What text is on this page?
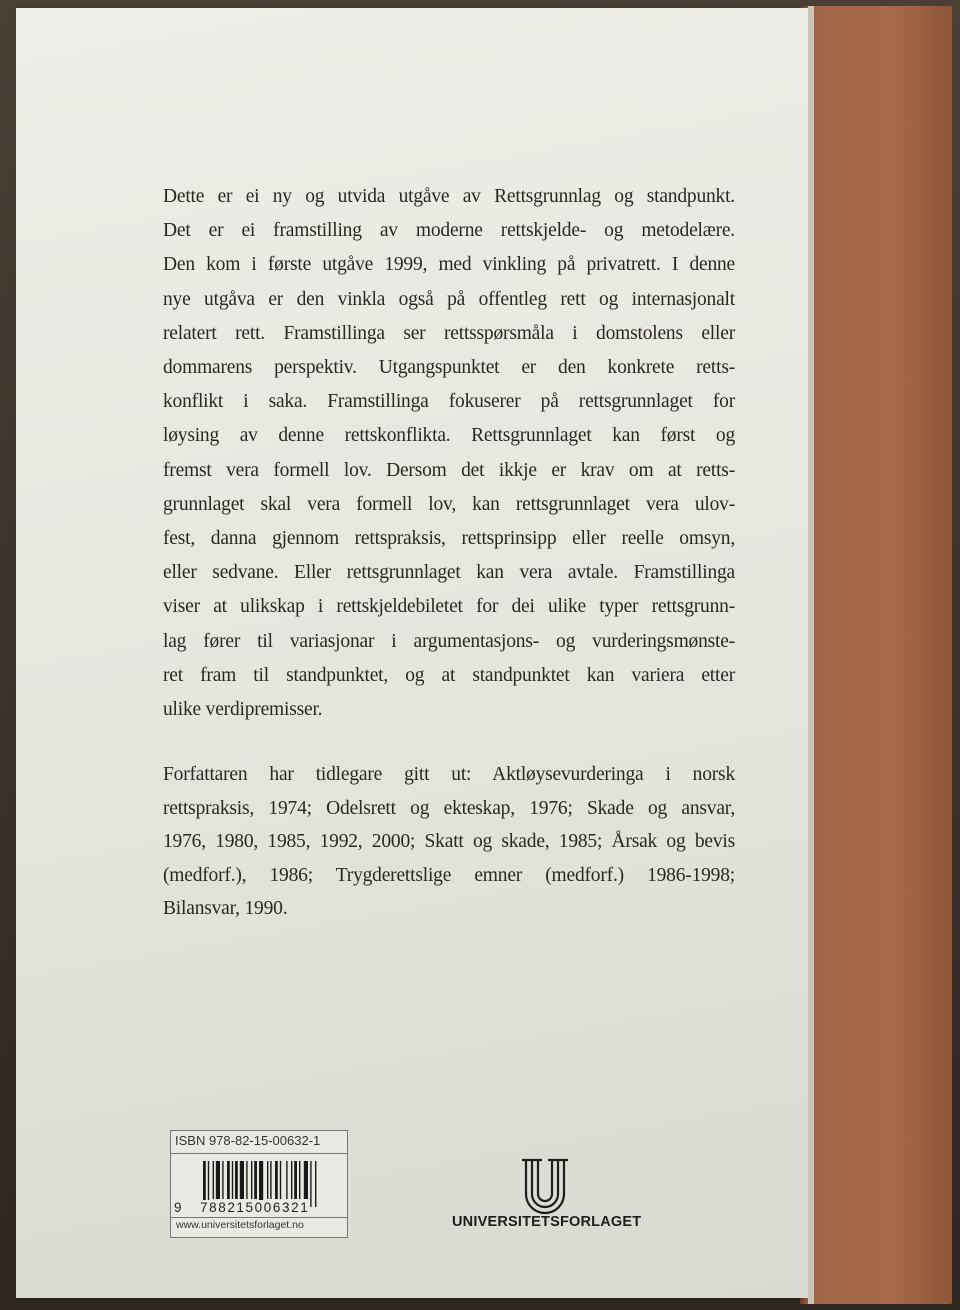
Dette er ei ny og utvida utgåve av Rettsgrunnlag og standpunkt.
Det er ei framstilling av moderne rettskjelde- og metodelære.
Den kom i første utgåve 1999, med vinkling på privatrett. I denne
nye utgåva er den vinkla også på offentleg rett og internasjonalt
relatert rett. Framstillinga ser rettsspørsmåla i domstolens eller
dommarens perspektiv. Utgangspunktet er den konkrete retts-
konflikt i saka. Framstillinga fokuserer på rettsgrunnlaget for
løysing av denne rettskonflikta. Rettsgrunnlaget kan først og
fremst vera formell lov. Dersom det ikkje er krav om at retts-
grunnlaget skal vera formell lov, kan rettsgrunnlaget vera ulov-
fest, danna gjennom rettspraksis, rettsprinsipp eller reelle omsyn,
eller sedvane. Eller rettsgrunnlaget kan vera avtale. Framstillinga
viser at ulikskap i rettskjeldebiletet for dei ulike typer rettsgrunn-
lag fører til variasjonar i argumentasjons- og vurderingsmønste-
ret fram til standpunktet, og at standpunktet kan variera etter
ulike verdipremisser.
Forfattaren har tidlegare gitt ut: Aktløysevurderinga i norsk
rettspraksis, 1974; Odelsrett og ekteskap, 1976; Skade og ansvar,
1976, 1980, 1985, 1992, 2000; Skatt og skade, 1985; Årsak og bevis
(medforf.), 1986; Trygderettslige emner (medforf.) 1986-1998;
Bilansvar, 1990.
ISBN 978-82-15-00632-1
9 788215006321
www.universitetsforlaget.no	UNIVERSITETSFORLAGET
